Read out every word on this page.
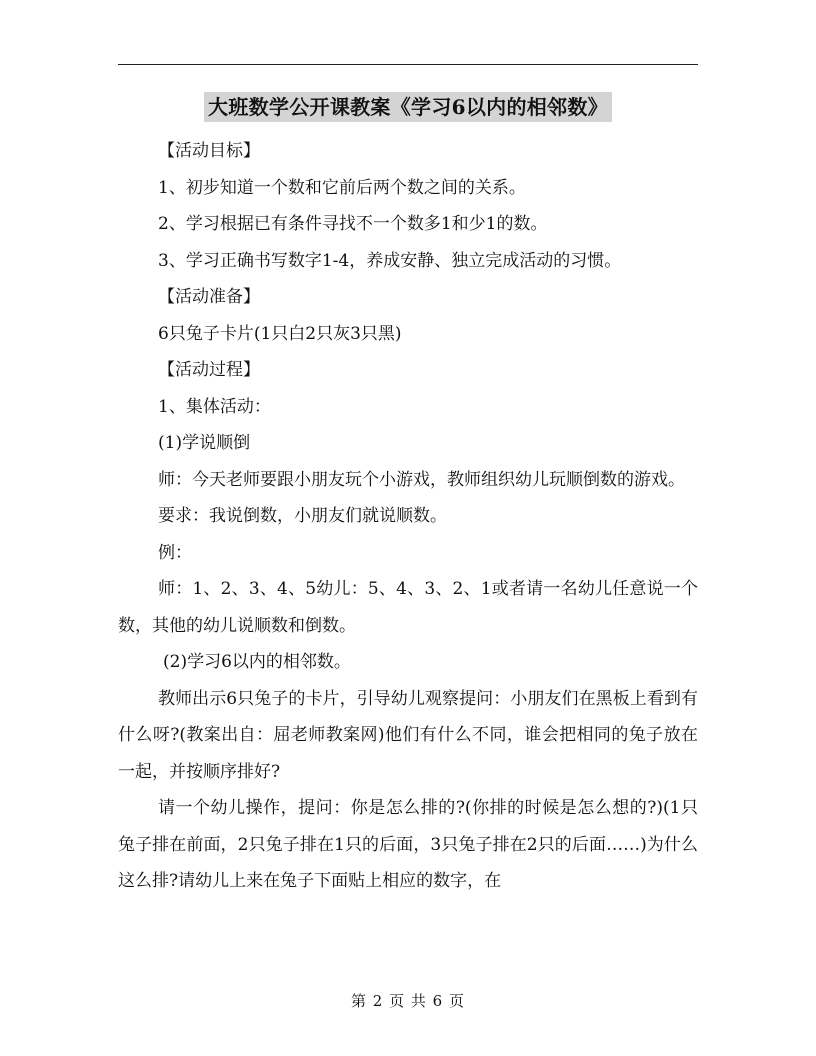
大班数学公开课教案《学习6以内的相邻数》

【活动目标】

1、初步知道一个数和它前后两个数之间的关系。

2、学习根据已有条件寻找不一个数多1和少1的数。

3、学习正确书写数字1-4，养成安静、独立完成活动的习惯。

【活动准备】

6只兔子卡片(1只白2只灰3只黑)

【活动过程】

1、集体活动：

(1)学说顺倒

师：今天老师要跟小朋友玩个小游戏，教师组织幼儿玩顺倒数的游戏。

要求：我说倒数，小朋友们就说顺数。

例：

师：1、2、3、4、5幼儿：5、4、3、2、1或者请一名幼儿任意说一个数，其他的幼儿说顺数和倒数。

(2)学习6以内的相邻数。

教师出示6只兔子的卡片，引导幼儿观察提问：小朋友们在黑板上看到有什么呀?(教案出自：屈老师教案网)他们有什么不同，谁会把相同的兔子放在一起，并按顺序排好?

请一个幼儿操作，提问：你是怎么排的?(你排的时候是怎么想的?)(1只兔子排在前面，2只兔子排在1只的后面，3只兔子排在2只的后面……)为什么这么排?请幼儿上来在兔子下面贴上相应的数字，在

第 2 页 共 6 页
